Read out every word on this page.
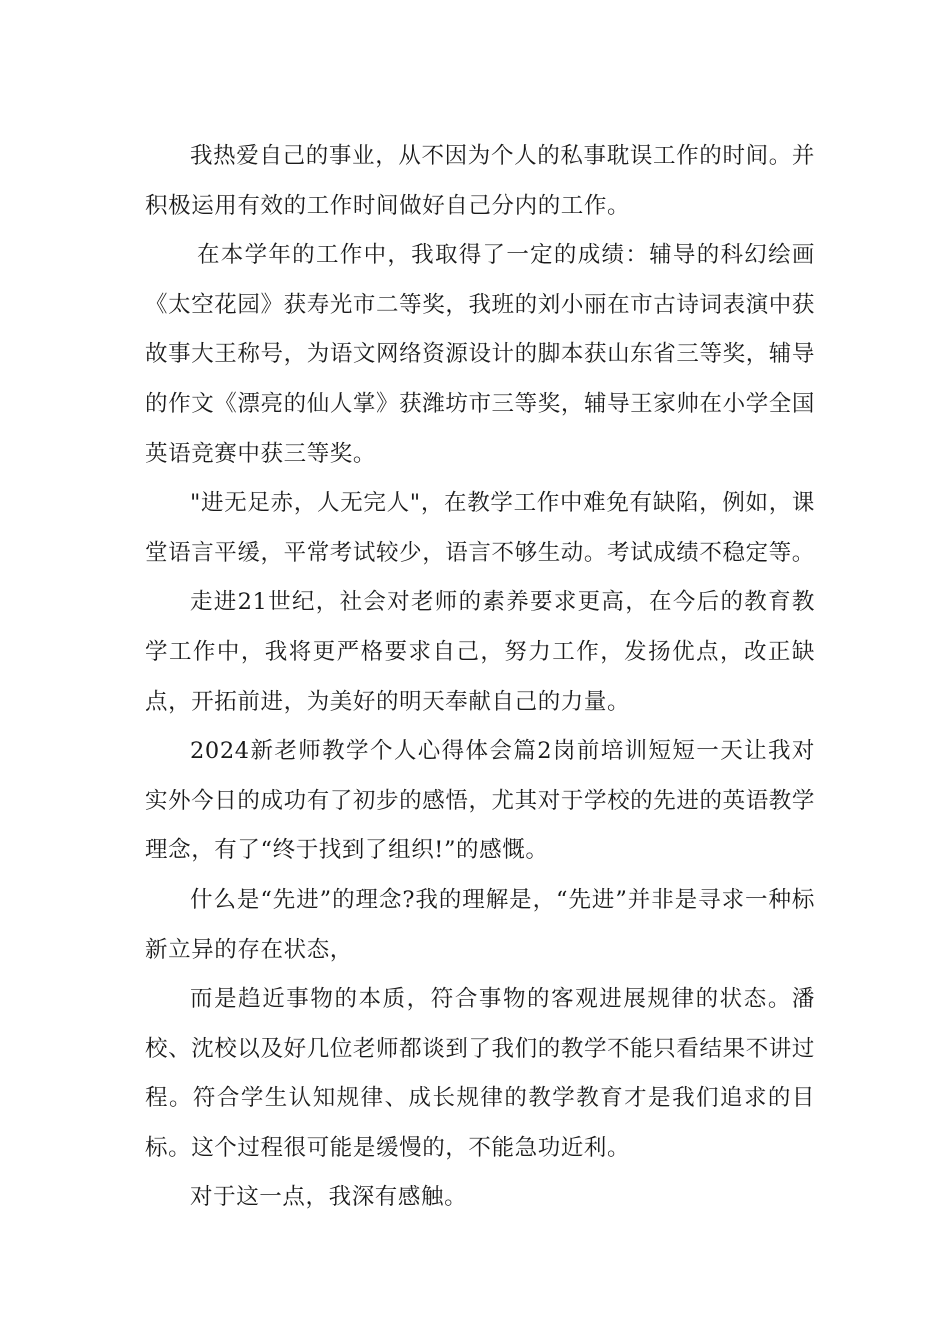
我热爱自己的事业，从不因为个人的私事耽误工作的时间。并积极运用有效的工作时间做好自己分内的工作。

在本学年的工作中，我取得了一定的成绩：辅导的科幻绘画《太空花园》获寿光市二等奖，我班的刘小丽在市古诗词表演中获故事大王称号，为语文网络资源设计的脚本获山东省三等奖，辅导的作文《漂亮的仙人掌》获潍坊市三等奖，辅导王家帅在小学全国英语竞赛中获三等奖。

"进无足赤，人无完人"，在教学工作中难免有缺陷，例如，课堂语言平缓，平常考试较少，语言不够生动。考试成绩不稳定等。

走进21世纪，社会对老师的素养要求更高，在今后的教育教学工作中，我将更严格要求自己，努力工作，发扬优点，改正缺点，开拓前进，为美好的明天奉献自己的力量。

2024新老师教学个人心得体会篇2岗前培训短短一天让我对实外今日的成功有了初步的感悟，尤其对于学校的先进的英语教学理念，有了“终于找到了组织!”的感慨。

什么是“先进”的理念?我的理解是，“先进”并非是寻求一种标新立异的存在状态，

而是趋近事物的本质，符合事物的客观进展规律的状态。潘校、沈校以及好几位老师都谈到了我们的教学不能只看结果不讲过程。符合学生认知规律、成长规律的教学教育才是我们追求的目标。这个过程很可能是缓慢的，不能急功近利。

对于这一点，我深有感触。
